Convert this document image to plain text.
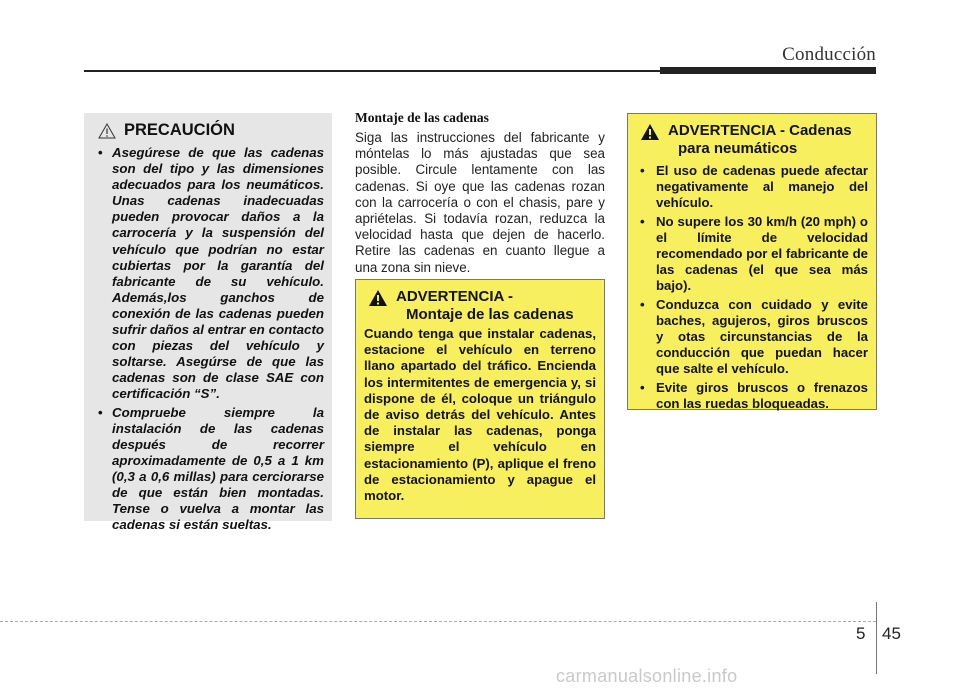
Conducción
PRECAUCIÓN
• Asegúrese de que las cadenas son del tipo y las dimensiones adecuados para los neumáticos. Unas cadenas inadecuadas pueden provocar daños a la carrocería y la suspensión del vehículo que podrían no estar cubiertas por la garantía del fabricante de su vehículo. Además,los ganchos de conexión de las cadenas pueden sufrir daños al entrar en contacto con piezas del vehículo y soltarse. Asegúrse de que las cadenas son de clase SAE con certificación “S”.
• Compruebe siempre la instalación de las cadenas después de recorrer aproximadamente de 0,5 a 1 km (0,3 a 0,6 millas) para cerciorarse de que están bien montadas. Tense o vuelva a montar las cadenas si están sueltas.
Montaje de las cadenas
Siga las instrucciones del fabricante y móntelas lo más ajustadas que sea posible. Circule lentamente con las cadenas. Si oye que las cadenas rozan con la carrocería o con el chasis, pare y apriételas. Si todavía rozan, reduzca la velocidad hasta que dejen de hacerlo. Retire las cadenas en cuanto llegue a una zona sin nieve.
ADVERTENCIA -
Montaje de las cadenas
Cuando tenga que instalar cadenas, estacione el vehículo en terreno llano apartado del tráfico. Encienda los intermitentes de emergencia y, si dispone de él, coloque un triángulo de aviso detrás del vehículo. Antes de instalar las cadenas, ponga siempre el vehículo en estacionamiento (P), aplique el freno de estacionamiento y apague el motor.
ADVERTENCIA - Cadenas
para neumáticos
• El uso de cadenas puede afectar negativamente al manejo del vehículo.
• No supere los 30 km/h (20 mph) o el límite de velocidad recomendado por el fabricante de las cadenas (el que sea más bajo).
• Conduzca con cuidado y evite baches, agujeros, giros bruscos y otas circunstancias de la conducción que puedan hacer que salte el vehículo.
• Evite giros bruscos o frenazos con las ruedas bloqueadas.
5 45
carmanualsonline.info
